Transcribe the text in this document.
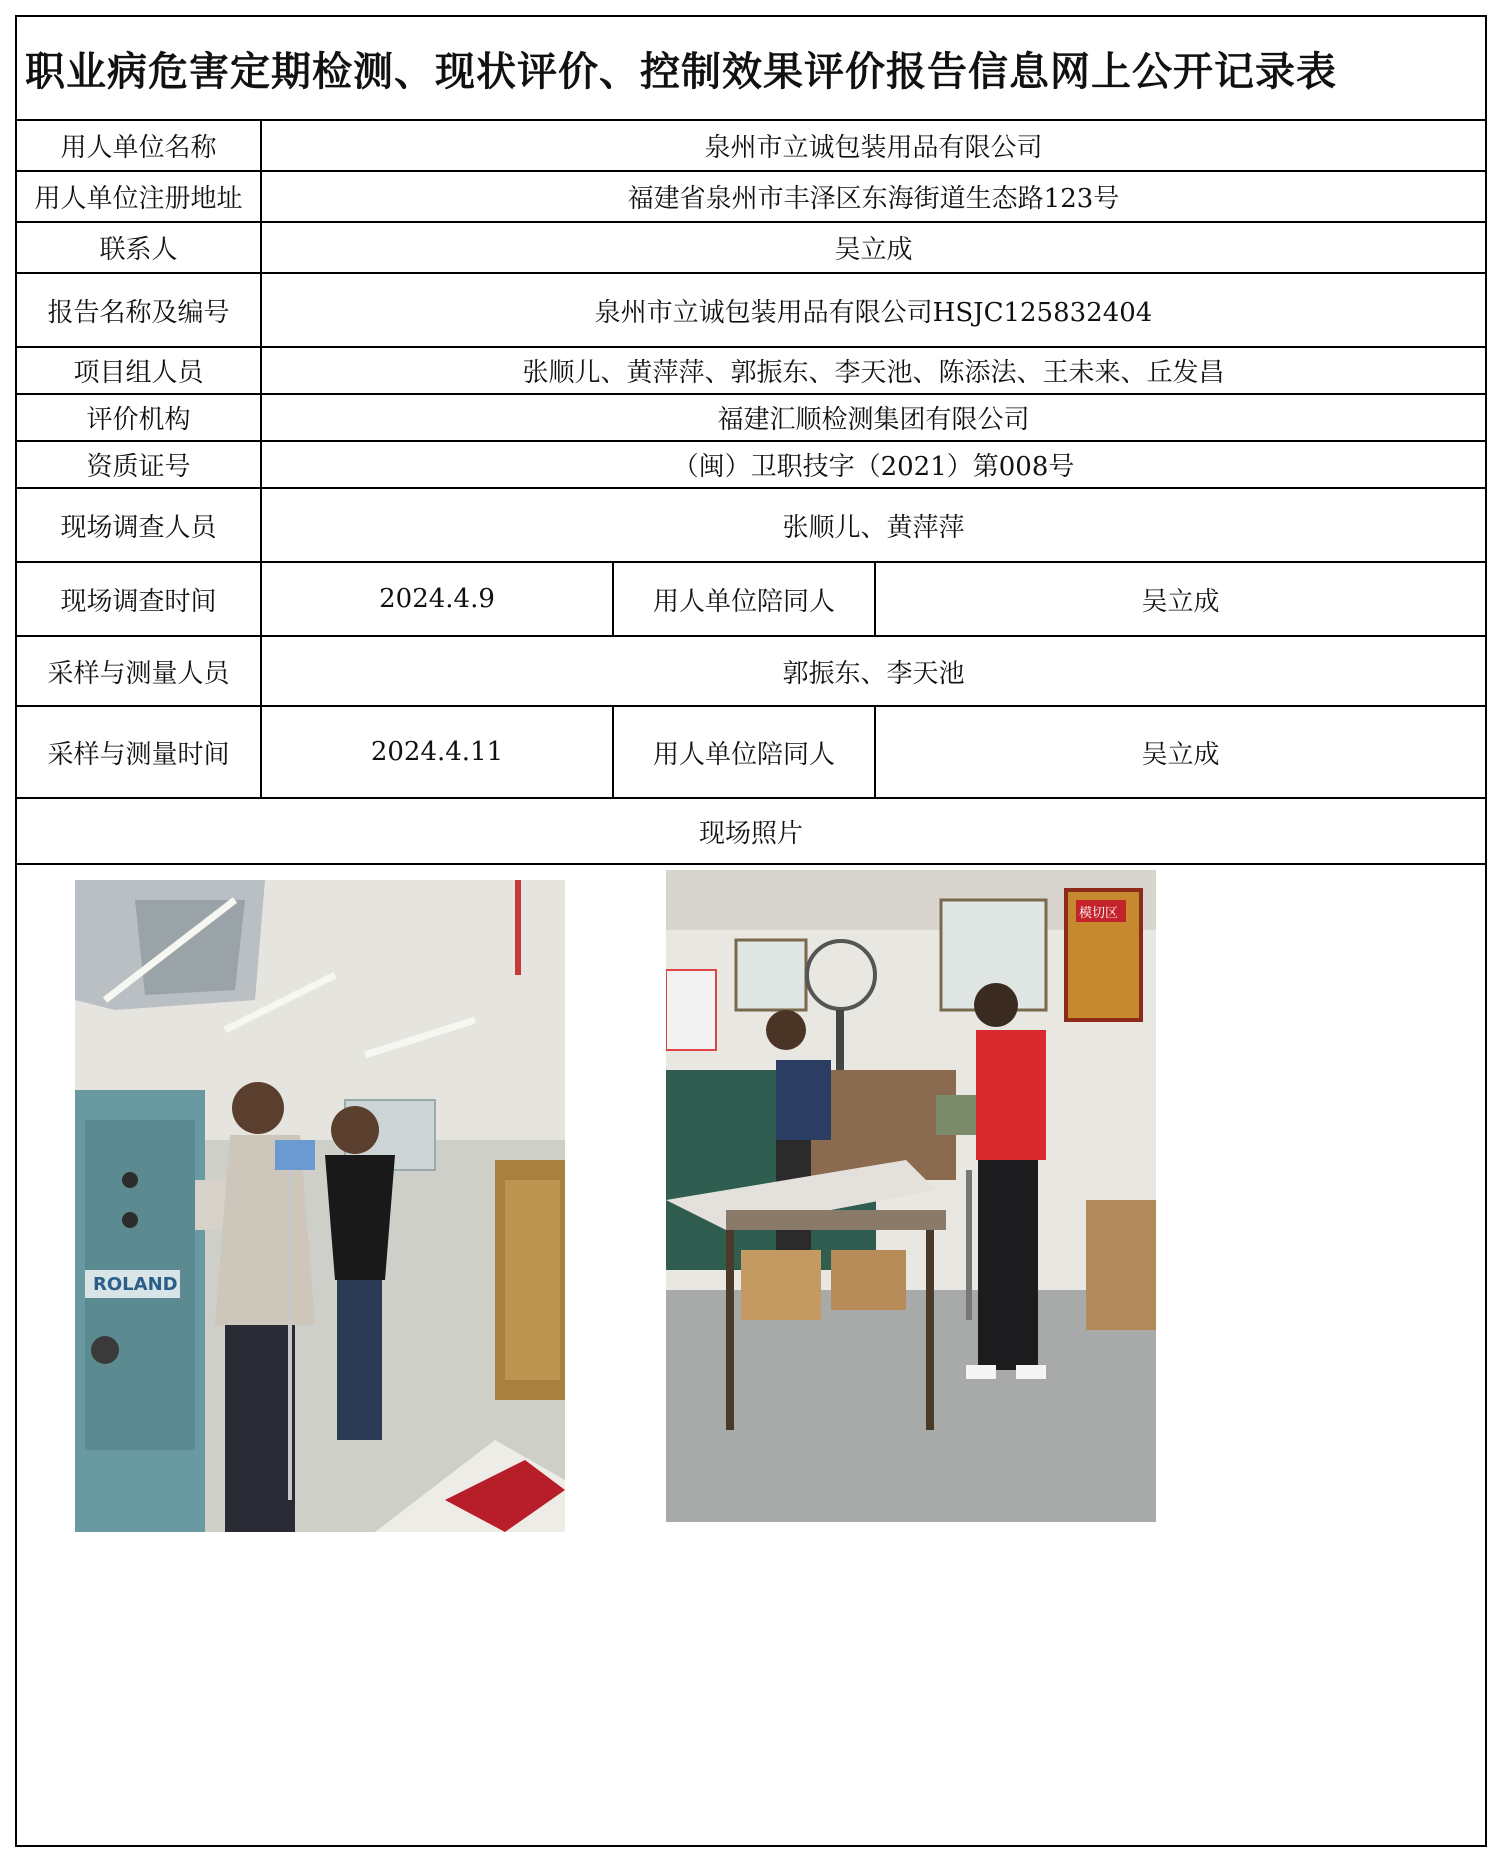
职业病危害定期检测、现状评价、控制效果评价报告信息网上公开记录表
用人单位名称	泉州市立诚包装用品有限公司
用人单位注册地址	福建省泉州市丰泽区东海街道生态路123号
联系人	吴立成
报告名称及编号	泉州市立诚包装用品有限公司HSJC125832404
项目组人员	张顺儿、黄萍萍、郭振东、李天池、陈添法、王未来、丘发昌
评价机构	福建汇顺检测集团有限公司
资质证号	（闽）卫职技字（2021）第008号
现场调查人员	张顺儿、黄萍萍
现场调查时间	2024.4.9	用人单位陪同人	吴立成
采样与测量人员	郭振东、李天池
采样与测量时间	2024.4.11	用人单位陪同人	吴立成
现场照片
ROLAND
模切区
